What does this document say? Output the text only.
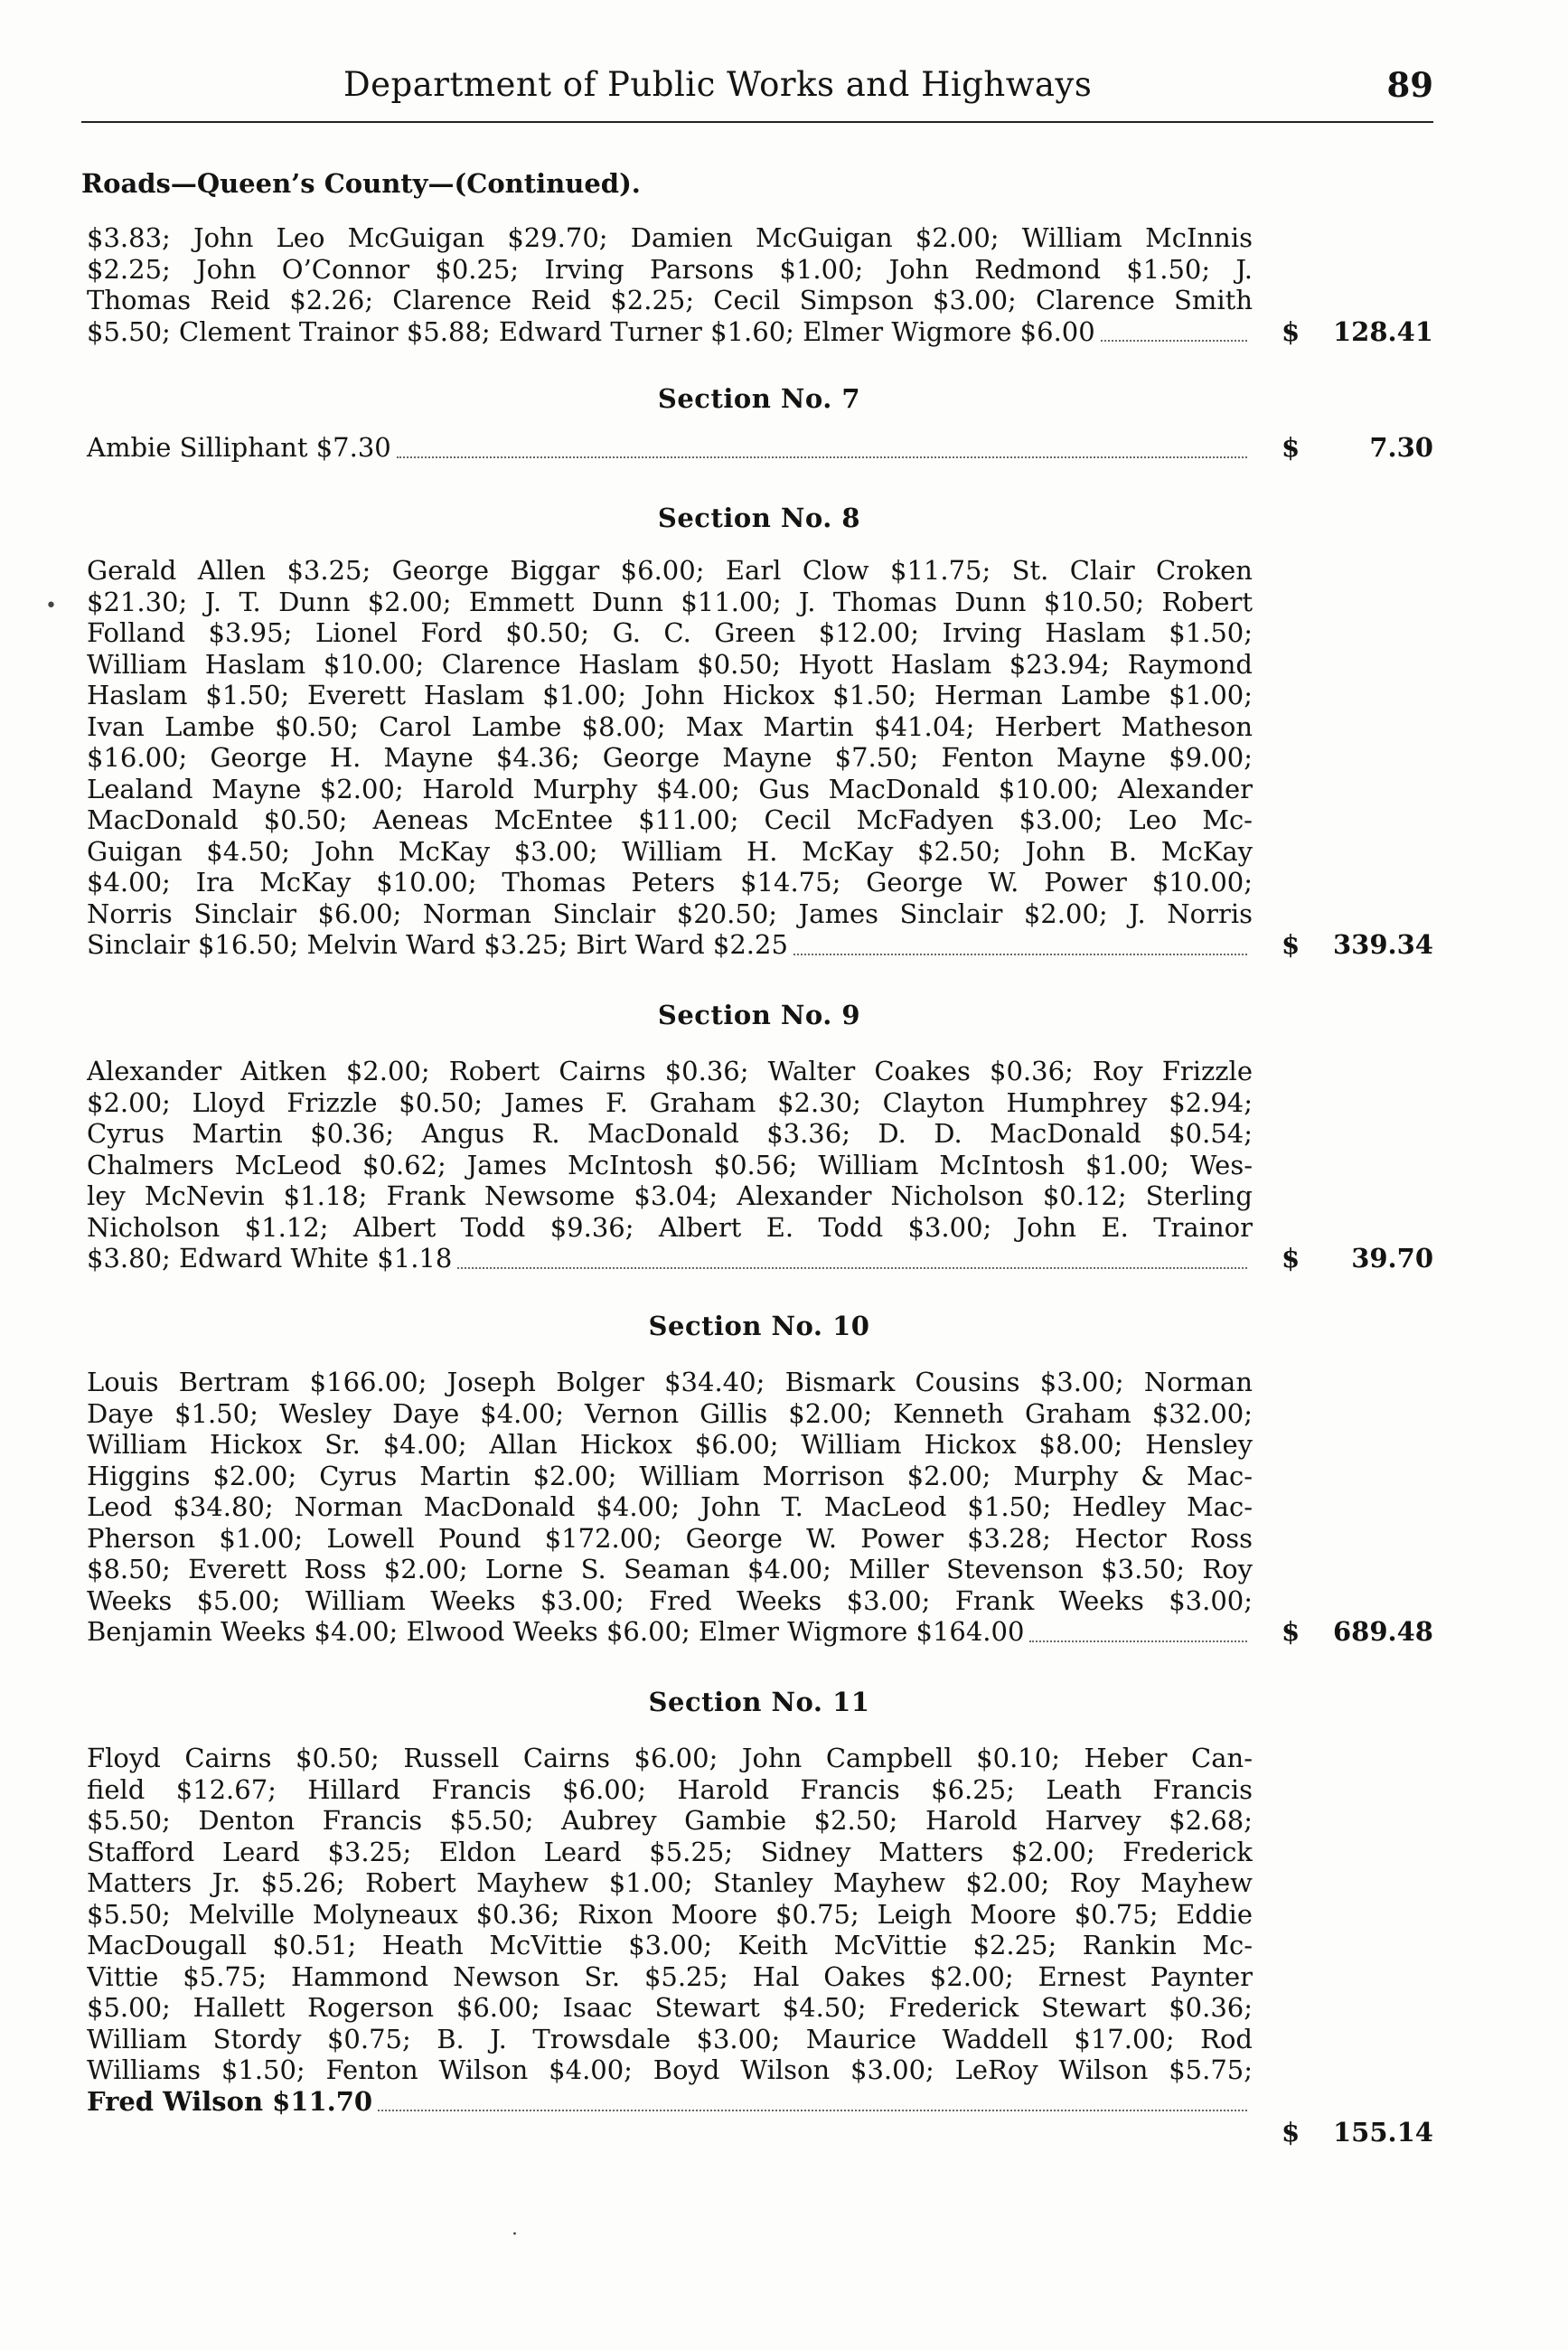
Department of Public Works and Highways	89
Roads—Queen’s County—(Continued).
$3.83; John Leo McGuigan $29.70; Damien McGuigan $2.00; William McInnis
$2.25; John O’Connor $0.25; Irving Parsons $1.00; John Redmond $1.50; J.
Thomas Reid $2.26; Clarence Reid $2.25; Cecil Simpson $3.00; Clarence Smith
$5.50; Clement Trainor $5.88; Edward Turner $1.60; Elmer Wigmore $6.00	$ 128.41
Section No. 7
Ambie Silliphant $7.30	$	7.30
Section No. 8
•
Gerald Allen $3.25; George Biggar $6.00; Earl Clow $11.75; St. Clair Croken
$21.30; J. T. Dunn $2.00; Emmett Dunn $11.00; J. Thomas Dunn $10.50; Robert
Folland $3.95; Lionel Ford $0.50; G. C. Green $12.00; Irving Haslam $1.50;
William Haslam $10.00; Clarence Haslam $0.50; Hyott Haslam $23.94; Raymond
Haslam $1.50; Everett Haslam $1.00; John Hickox $1.50; Herman Lambe $1.00;
Ivan Lambe $0.50; Carol Lambe $8.00; Max Martin $41.04; Herbert Matheson
$16.00; George H. Mayne $4.36; George Mayne $7.50; Fenton Mayne $9.00;
Lealand Mayne $2.00; Harold Murphy $4.00; Gus MacDonald $10.00; Alexander
MacDonald $0.50; Aeneas McEntee $11.00; Cecil McFadyen $3.00; Leo Mc-
Guigan $4.50; John McKay $3.00; William H. McKay $2.50; John B. McKay
$4.00; Ira McKay $10.00; Thomas Peters $14.75; George W. Power $10.00;
Norris Sinclair $6.00; Norman Sinclair $20.50; James Sinclair $2.00; J. Norris
Sinclair $16.50; Melvin Ward $3.25; Birt Ward $2.25	$ 339.34
Section No. 9
Alexander Aitken $2.00; Robert Cairns $0.36; Walter Coakes $0.36; Roy Frizzle
$2.00; Lloyd Frizzle $0.50; James F. Graham $2.30; Clayton Humphrey $2.94;
Cyrus Martin $0.36; Angus R. MacDonald $3.36; D. D. MacDonald $0.54;
Chalmers McLeod $0.62; James McIntosh $0.56; William McIntosh $1.00; Wes-
ley McNevin $1.18; Frank Newsome $3.04; Alexander Nicholson $0.12; Sterling
Nicholson $1.12; Albert Todd $9.36; Albert E. Todd $3.00; John E. Trainor
$3.80; Edward White $1.18	$ 39.70
Section No. 10
Louis Bertram $166.00; Joseph Bolger $34.40; Bismark Cousins $3.00; Norman
Daye $1.50; Wesley Daye $4.00; Vernon Gillis $2.00; Kenneth Graham $32.00;
William Hickox Sr. $4.00; Allan Hickox $6.00; William Hickox $8.00; Hensley
Higgins $2.00; Cyrus Martin $2.00; William Morrison $2.00; Murphy & Mac-
Leod $34.80; Norman MacDonald $4.00; John T. MacLeod $1.50; Hedley Mac-
Pherson $1.00; Lowell Pound $172.00; George W. Power $3.28; Hector Ross
$8.50; Everett Ross $2.00; Lorne S. Seaman $4.00; Miller Stevenson $3.50; Roy
Weeks $5.00; William Weeks $3.00; Fred Weeks $3.00; Frank Weeks $3.00;
Benjamin Weeks $4.00; Elwood Weeks $6.00; Elmer Wigmore $164.00	$ 689.48
Section No. 11
Floyd Cairns $0.50; Russell Cairns $6.00; John Campbell $0.10; Heber Can-
field $12.67; Hillard Francis $6.00; Harold Francis $6.25; Leath Francis
$5.50; Denton Francis $5.50; Aubrey Gambie $2.50; Harold Harvey $2.68;
Stafford Leard $3.25; Eldon Leard $5.25; Sidney Matters $2.00; Frederick
Matters Jr. $5.26; Robert Mayhew $1.00; Stanley Mayhew $2.00; Roy Mayhew
$5.50; Melville Molyneaux $0.36; Rixon Moore $0.75; Leigh Moore $0.75; Eddie
MacDougall $0.51; Heath McVittie $3.00; Keith McVittie $2.25; Rankin Mc-
Vittie $5.75; Hammond Newson Sr. $5.25; Hal Oakes $2.00; Ernest Paynter
$5.00; Hallett Rogerson $6.00; Isaac Stewart $4.50; Frederick Stewart $0.36;
William Stordy $0.75; B. J. Trowsdale $3.00; Maurice Waddell $17.00; Rod
Williams $1.50; Fenton Wilson $4.00; Boyd Wilson $3.00; LeRoy Wilson $5.75;
Fred Wilson $11.70
$ 155.14
·
